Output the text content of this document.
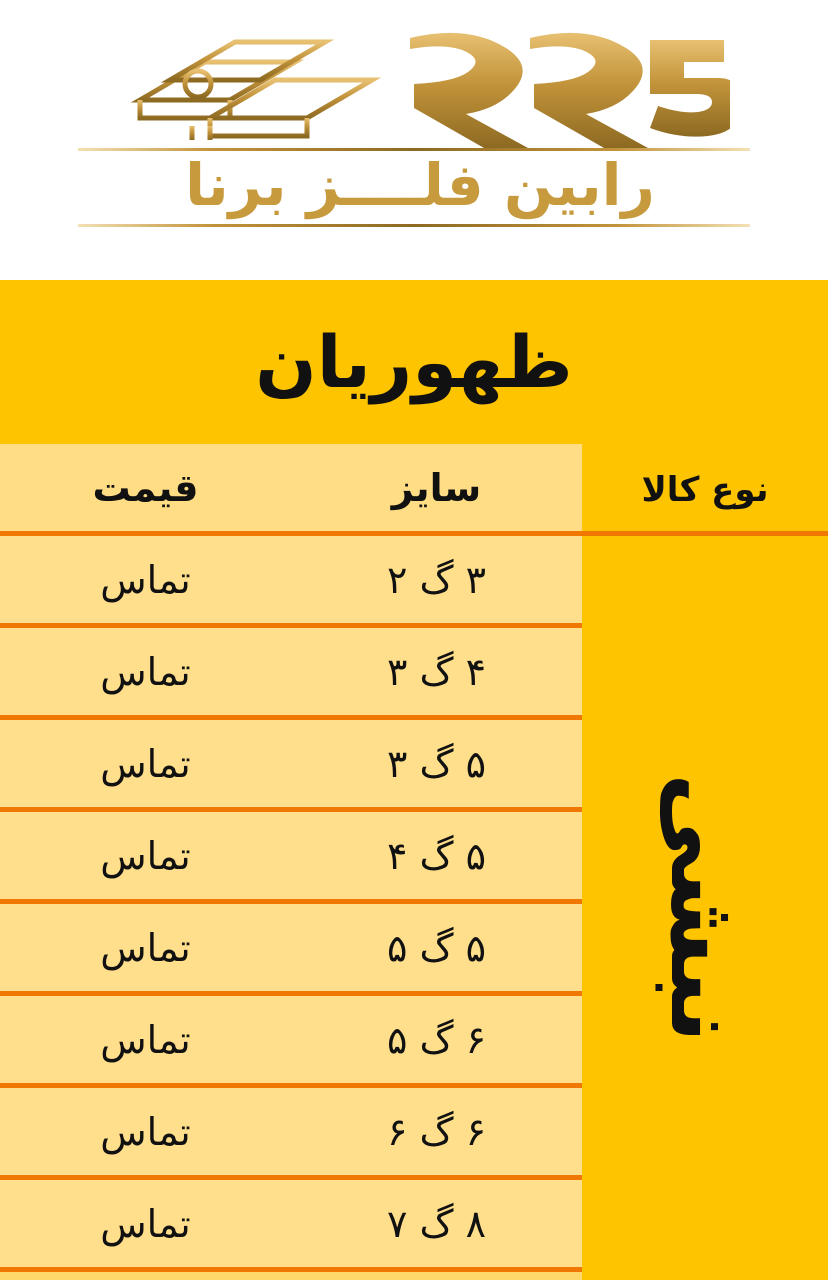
رابین فلــــز برنا
ظهوریان
نوع کالا
نبشی
سایز
قیمت
۳ گ ۲
تماس
۴ گ ۳
تماس
۵ گ ۳
تماس
۵ گ ۴
تماس
۵ گ ۵
تماس
۶ گ ۵
تماس
۶ گ ۶
تماس
۸ گ ۷
تماس
